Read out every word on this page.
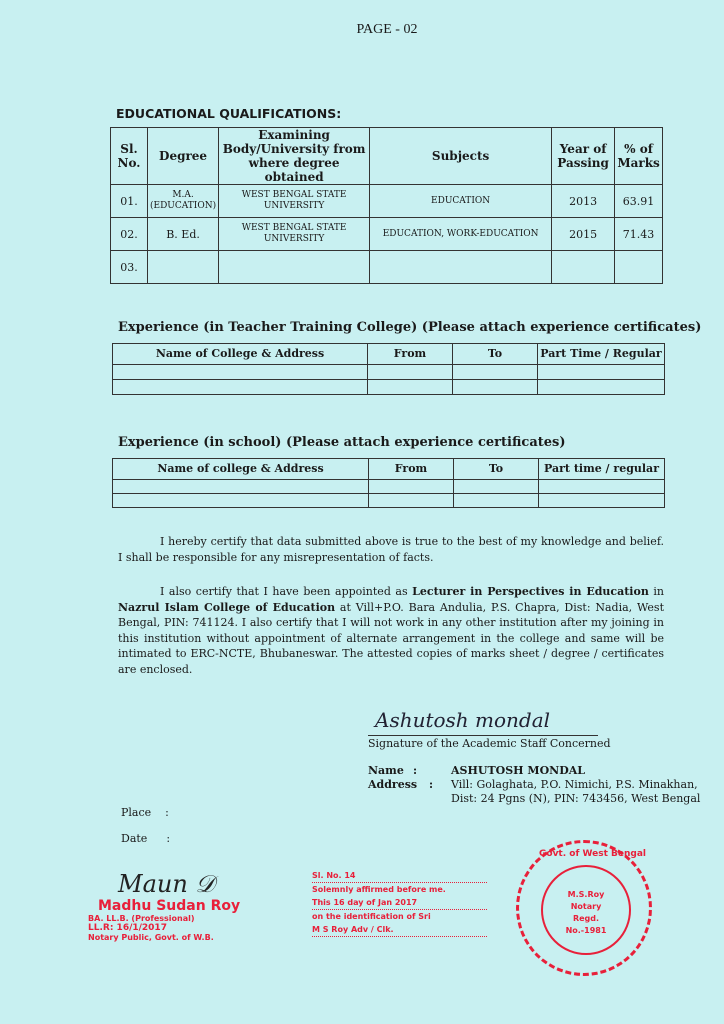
PAGE - 02
EDUCATIONAL QUALIFICATIONS:
Sl. No.	Degree	Examining Body/University from where degree obtained	Subjects	Year of Passing	% of Marks
01.	M.A. (EDUCATION)	WEST BENGAL STATE UNIVERSITY	EDUCATION	2013	63.91
02.	B. Ed.	WEST BENGAL STATE UNIVERSITY	EDUCATION, WORK-EDUCATION	2015	71.43
03.					
Experience (in Teacher Training College) (Please attach experience certificates)
Name of College & Address	From	To	Part Time / Regular

Experience (in school) (Please attach experience certificates)
Name of college & Address	From	To	Part time / regular

I hereby certify that data submitted above is true to the best of my knowledge and belief. I shall be responsible for any misrepresentation of facts.

I also certify that I have been appointed as Lecturer in Perspectives in Education in Nazrul Islam College of Education at Vill+P.O. Bara Andulia, P.S. Chapra, Dist: Nadia, West Bengal, PIN: 741124. I also certify that I will not work in any other institution after my joining in this institution without appointment of alternate arrangement in the college and same will be intimated to ERC-NCTE, Bhubaneswar. The attested copies of marks sheet / degree / certificates are enclosed.

Ashutosh mondal
Signature of the Academic Staff Concerned
Name :	ASHUTOSH MONDAL
Address : Vill: Golaghata, P.O. Nimichi, P.S. Minakhan,
Dist: 24 Pgns (N), PIN: 743456, West Bengal
Place :
Date :
Maun 𝒟
Madhu Sudan Roy
BA. LL.B. (Professional)
LL.R: 16/1/2017
Notary Public, Govt. of W.B.
Sl. No. 14
Solemnly affirmed before me.
This 16 day of Jan 2017
on the identification of Sri
M S Roy Adv / Clk.
Govt. of West Bengal
M.S.Roy Notary Regd. No.-1981
